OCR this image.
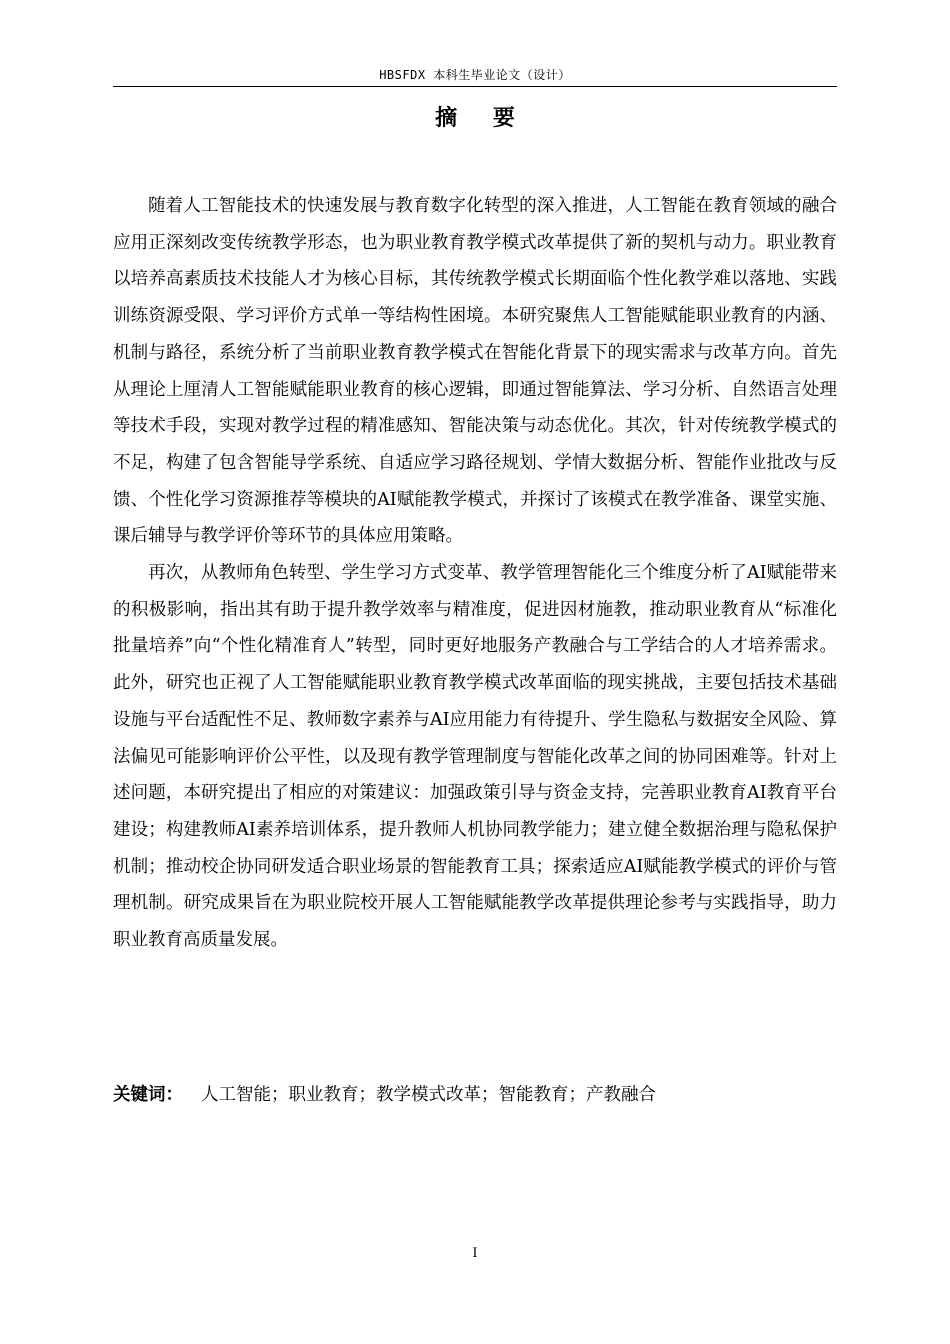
HBSFDX 本科生毕业论文（设计）
摘 要

随着人工智能技术的快速发展与教育数字化转型的深入推进，人工智能在教育领域的融合应用正深刻改变传统教学形态，也为职业教育教学模式改革提供了新的契机与动力。职业教育以培养高素质技术技能人才为核心目标，其传统教学模式长期面临个性化教学难以落地、实践训练资源受限、学习评价方式单一等结构性困境。本研究聚焦人工智能赋能职业教育的内涵、机制与路径，系统分析了当前职业教育教学模式在智能化背景下的现实需求与改革方向。首先从理论上厘清人工智能赋能职业教育的核心逻辑，即通过智能算法、学习分析、自然语言处理等技术手段，实现对教学过程的精准感知、智能决策与动态优化。其次，针对传统教学模式的不足，构建了包含智能导学系统、自适应学习路径规划、学情大数据分析、智能作业批改与反馈、个性化学习资源推荐等模块的AI赋能教学模式，并探讨了该模式在教学准备、课堂实施、课后辅导与教学评价等环节的具体应用策略。

再次，从教师角色转型、学生学习方式变革、教学管理智能化三个维度分析了AI赋能带来的积极影响，指出其有助于提升教学效率与精准度，促进因材施教，推动职业教育从“标准化批量培养”向“个性化精准育人”转型，同时更好地服务产教融合与工学结合的人才培养需求。此外，研究也正视了人工智能赋能职业教育教学模式改革面临的现实挑战，主要包括技术基础设施与平台适配性不足、教师数字素养与AI应用能力有待提升、学生隐私与数据安全风险、算法偏见可能影响评价公平性，以及现有教学管理制度与智能化改革之间的协同困难等。针对上述问题，本研究提出了相应的对策建议：加强政策引导与资金支持，完善职业教育AI教育平台建设；构建教师AI素养培训体系，提升教师人机协同教学能力；建立健全数据治理与隐私保护机制；推动校企协同研发适合职业场景的智能教育工具；探索适应AI赋能教学模式的评价与管理机制。研究成果旨在为职业院校开展人工智能赋能教学改革提供理论参考与实践指导，助力职业教育高质量发展。

关键词： 人工智能；职业教育；教学模式改革；智能教育；产教融合
I
